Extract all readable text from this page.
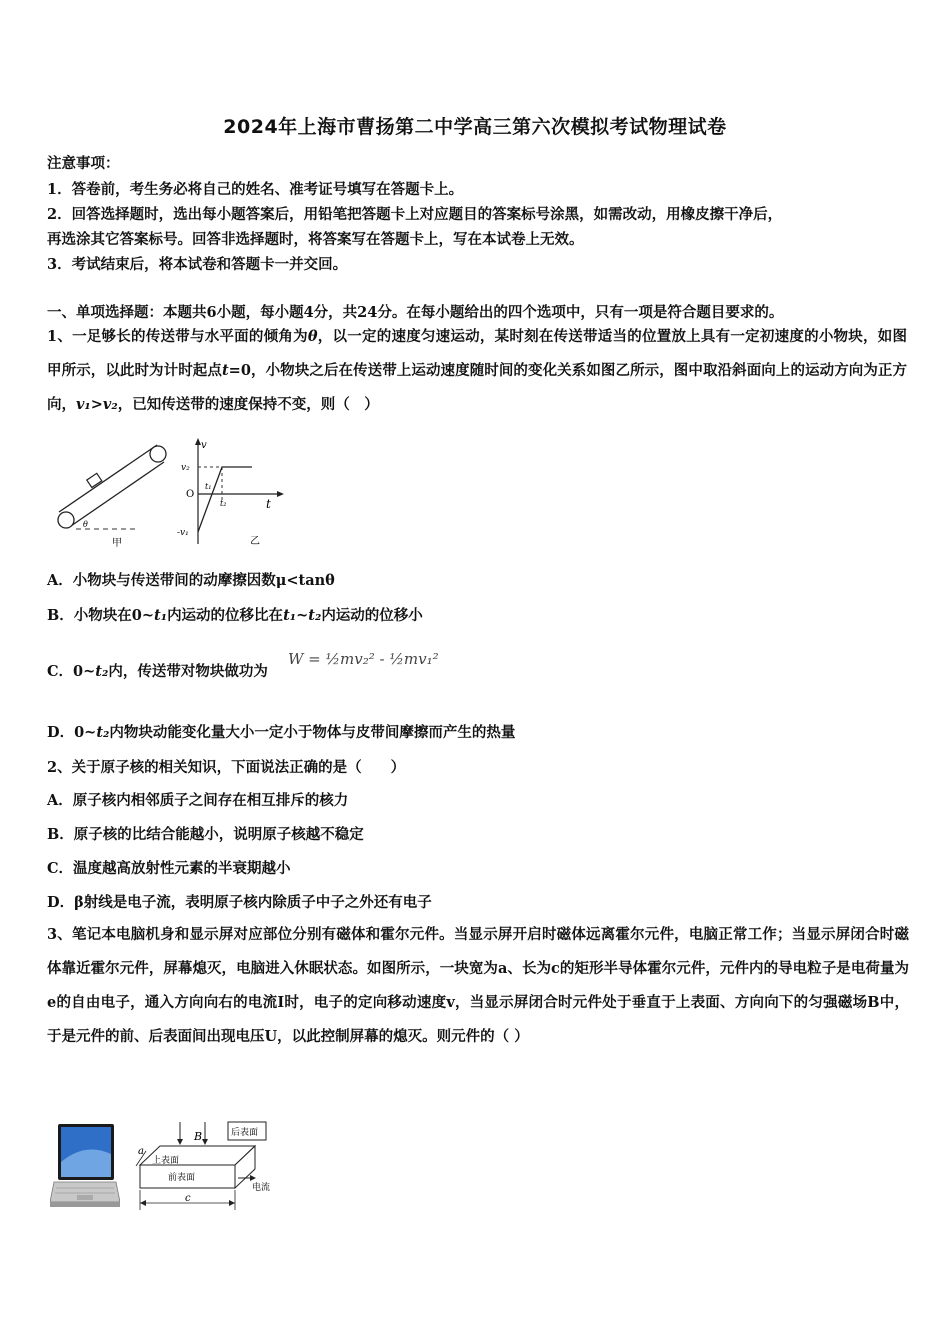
2024年上海市曹扬第二中学高三第六次模拟考试物理试卷
注意事项：
1．答卷前，考生务必将自己的姓名、准考证号填写在答题卡上。
2．回答选择题时，选出每小题答案后，用铅笔把答题卡上对应题目的答案标号涂黑，如需改动，用橡皮擦干净后，
再选涂其它答案标号。回答非选择题时，将答案写在答题卡上，写在本试卷上无效。
3．考试结束后，将本试卷和答题卡一并交回。
一、单项选择题：本题共6小题，每小题4分，共24分。在每小题给出的四个选项中，只有一项是符合题目要求的。
1、一足够长的传送带与水平面的倾角为θ，以一定的速度匀速运动，某时刻在传送带适当的位置放上具有一定初速度的小物块，如图甲所示，以此时为计时起点t=0，小物块之后在传送带上运动速度随时间的变化关系如图乙所示，图中取沿斜面向上的运动方向为正方向，v₁>v₂，已知传送带的速度保持不变，则（　）
θ
甲
v
v₂
O
t₁
t₂	t
-v₁
乙
A．小物块与传送带间的动摩擦因数μ<tanθ
B．小物块在0~t₁内运动的位移比在t₁~t₂内运动的位移小
C．0~t₂内，传送带对物块做功为
W = ½mv₂² - ½mv₁²
D．0~t₂内物块动能变化量大小一定小于物体与皮带间摩擦而产生的热量
2、关于原子核的相关知识，下面说法正确的是（　　）
A．原子核内相邻质子之间存在相互排斥的核力
B．原子核的比结合能越小，说明原子核越不稳定
C．温度越高放射性元素的半衰期越小
D．β射线是电子流，表明原子核内除质子中子之外还有电子
3、笔记本电脑机身和显示屏对应部位分别有磁体和霍尔元件。当显示屏开启时磁体远离霍尔元件，电脑正常工作；当显示屏闭合时磁体靠近霍尔元件，屏幕熄灭，电脑进入休眠状态。如图所示，一块宽为a、长为c的矩形半导体霍尔元件，元件内的导电粒子是电荷量为e的自由电子，通入方向向右的电流I时，电子的定向移动速度v，当显示屏闭合时元件处于垂直于上表面、方向向下的匀强磁场B中，于是元件的前、后表面间出现电压U，以此控制屏幕的熄灭。则元件的（ ）
B	后表面
a
上表面
前表面
电流
c
